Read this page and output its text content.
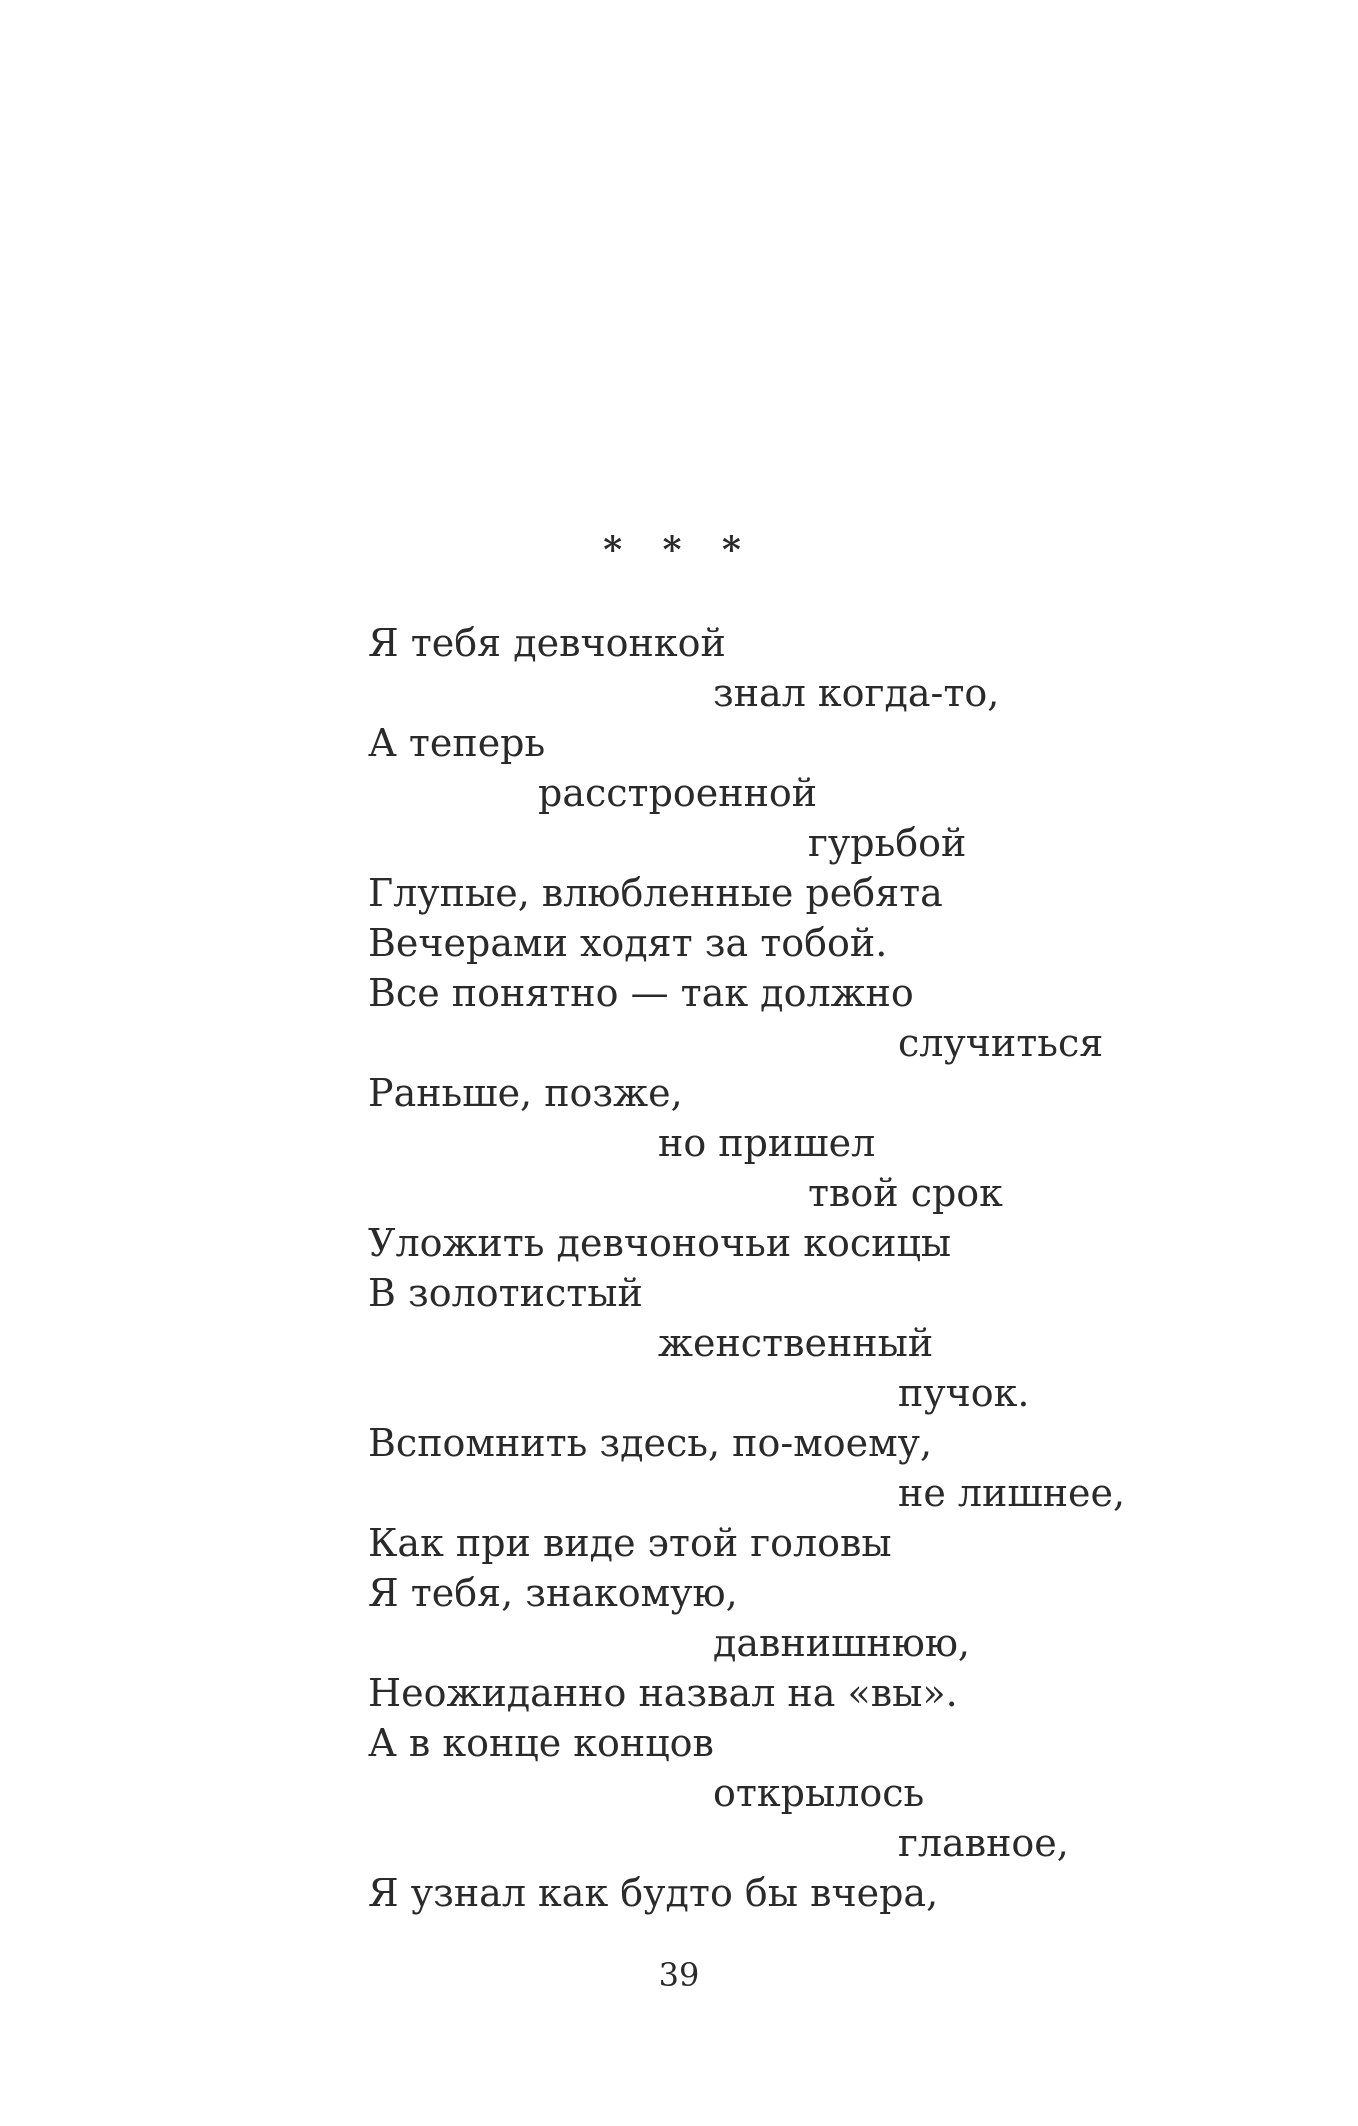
* * *
Я тебя девчонкой
знал когда-то,
А теперь
расстроенной
гурьбой
Глупые, влюбленные ребята
Вечерами ходят за тобой.
Все понятно — так должно
случиться
Раньше, позже,
но пришел
твой срок
Уложить девчоночьи косицы
В золотистый
женственный
пучок.
Вспомнить здесь, по-моему,
не лишнее,
Как при виде этой головы
Я тебя, знакомую,
давнишнюю,
Неожиданно назвал на «вы».
А в конце концов
открылось
главное,
Я узнал как будто бы вчера,
39
